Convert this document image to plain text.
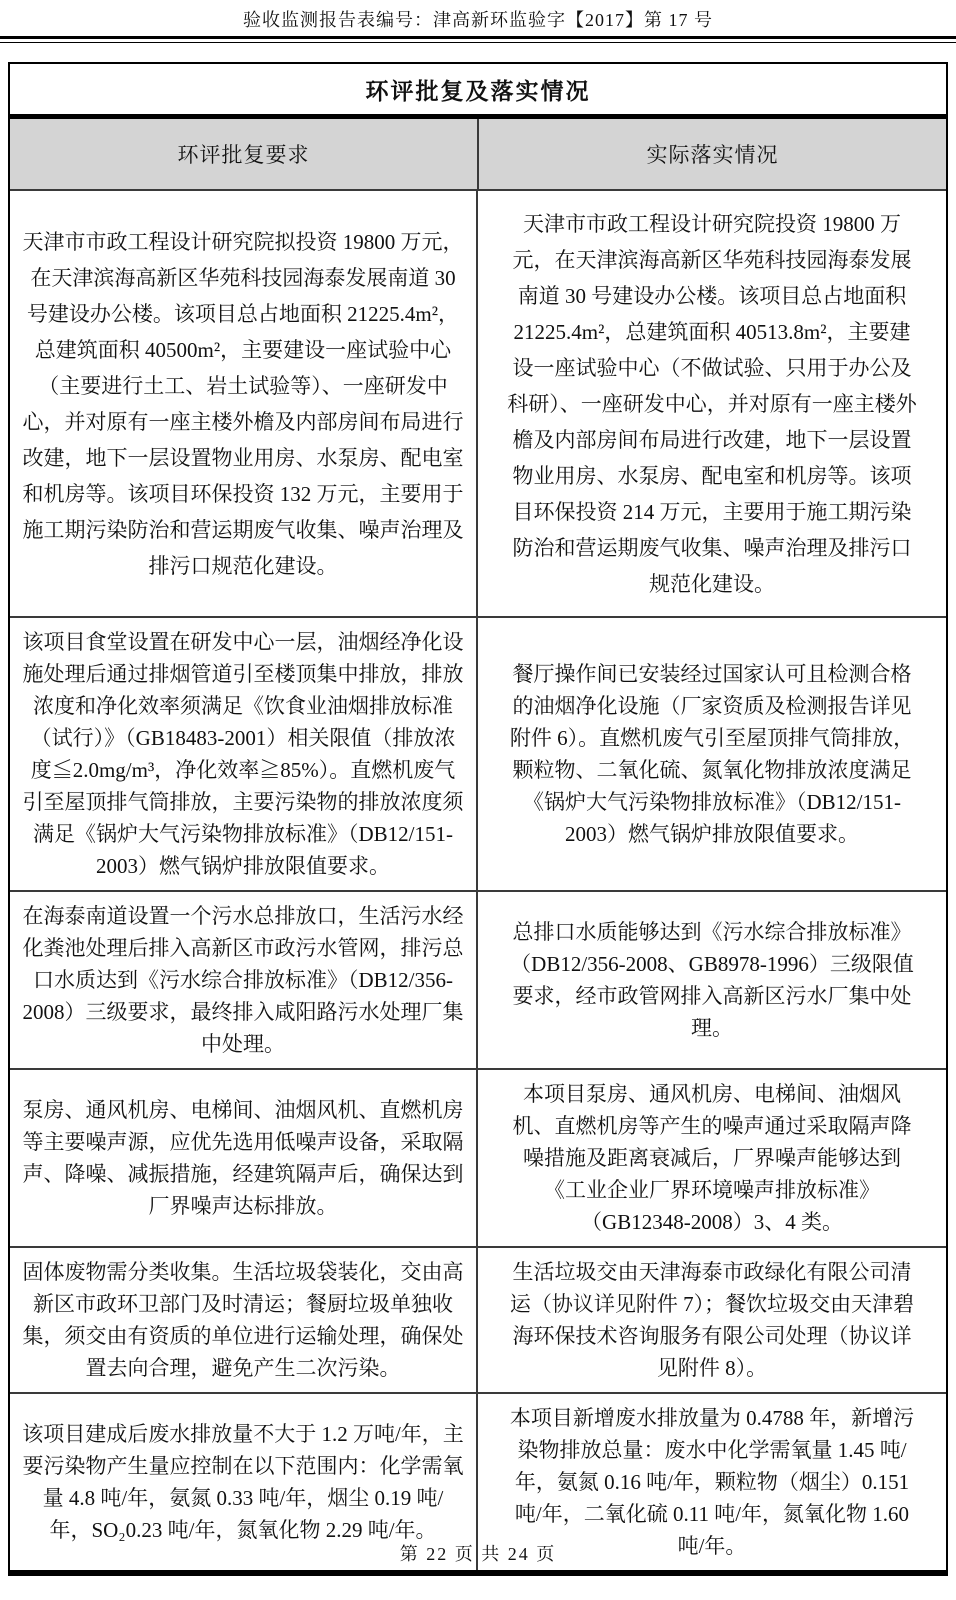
验收监测报告表编号：津高新环监验字【2017】第 17 号
环评批复及落实情况
环评批复要求	实际落实情况
天津市市政工程设计研究院拟投资 19800 万元，在天津滨海高新区华苑科技园海泰发展南道 30 号建设办公楼。该项目总占地面积 21225.4m²，总建筑面积 40500m²，主要建设一座试验中心（主要进行土工、岩土试验等）、一座研发中心，并对原有一座主楼外檐及内部房间布局进行改建，地下一层设置物业用房、水泵房、配电室和机房等。该项目环保投资 132 万元，主要用于施工期污染防治和营运期废气收集、噪声治理及排污口规范化建设。
天津市市政工程设计研究院投资 19800 万元，在天津滨海高新区华苑科技园海泰发展南道 30 号建设办公楼。该项目总占地面积 21225.4m²，总建筑面积 40513.8m²，主要建设一座试验中心（不做试验、只用于办公及科研）、一座研发中心，并对原有一座主楼外檐及内部房间布局进行改建，地下一层设置物业用房、水泵房、配电室和机房等。该项目环保投资 214 万元，主要用于施工期污染防治和营运期废气收集、噪声治理及排污口规范化建设。
该项目食堂设置在研发中心一层，油烟经净化设施处理后通过排烟管道引至楼顶集中排放，排放浓度和净化效率须满足《饮食业油烟排放标准（试行）》（GB18483-2001）相关限值（排放浓度≦2.0mg/m³，净化效率≧85%）。直燃机废气引至屋顶排气筒排放，主要污染物的排放浓度须满足《锅炉大气污染物排放标准》（DB12/151-2003）燃气锅炉排放限值要求。
餐厅操作间已安装经过国家认可且检测合格的油烟净化设施（厂家资质及检测报告详见附件 6）。直燃机废气引至屋顶排气筒排放，颗粒物、二氧化硫、氮氧化物排放浓度满足《锅炉大气污染物排放标准》（DB12/151-2003）燃气锅炉排放限值要求。
在海泰南道设置一个污水总排放口，生活污水经化粪池处理后排入高新区市政污水管网，排污总口水质达到《污水综合排放标准》（DB12/356-2008）三级要求，最终排入咸阳路污水处理厂集中处理。
总排口水质能够达到《污水综合排放标准》（DB12/356-2008、GB8978-1996）三级限值要求，经市政管网排入高新区污水厂集中处理。
泵房、通风机房、电梯间、油烟风机、直燃机房等主要噪声源，应优先选用低噪声设备，采取隔声、降噪、减振措施，经建筑隔声后，确保达到厂界噪声达标排放。
本项目泵房、通风机房、电梯间、油烟风机、直燃机房等产生的噪声通过采取隔声降噪措施及距离衰减后，厂界噪声能够达到《工业企业厂界环境噪声排放标准》（GB12348-2008）3、4 类。
固体废物需分类收集。生活垃圾袋装化，交由高新区市政环卫部门及时清运；餐厨垃圾单独收集，须交由有资质的单位进行运输处理，确保处置去向合理，避免产生二次污染。
生活垃圾交由天津海泰市政绿化有限公司清运（协议详见附件 7）；餐饮垃圾交由天津碧海环保技术咨询服务有限公司处理（协议详见附件 8）。
该项目建成后废水排放量不大于 1.2 万吨/年，主要污染物产生量应控制在以下范围内：化学需氧量 4.8 吨/年，氨氮 0.33 吨/年，烟尘 0.19 吨/年，SO₂0.23 吨/年，氮氧化物 2.29 吨/年。
本项目新增废水排放量为 0.4788 年，新增污染物排放总量：废水中化学需氧量 1.45 吨/年，氨氮 0.16 吨/年，颗粒物（烟尘）0.151 吨/年，二氧化硫 0.11 吨/年，氮氧化物 1.60 吨/年。
第 22 页 共 24 页
